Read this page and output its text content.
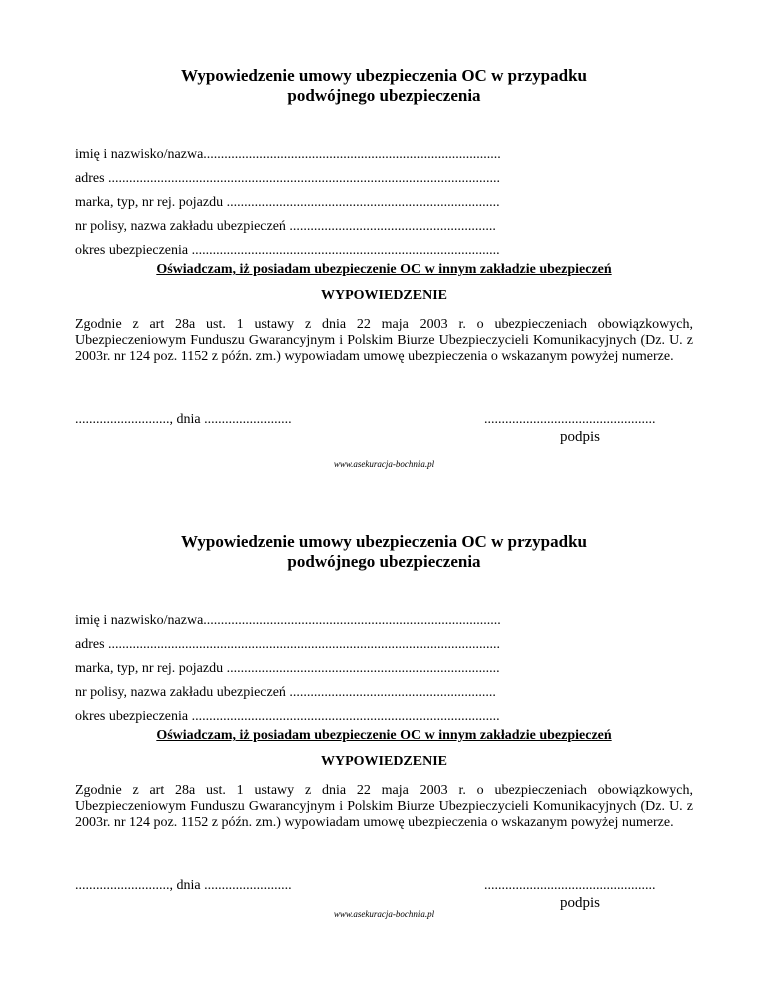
Wypowiedzenie umowy ubezpieczenia OC w przypadku
podwójnego ubezpieczenia
imię i nazwisko/nazwa.....................................................................................
adres ................................................................................................................
marka, typ, nr rej. pojazdu ..............................................................................
nr polisy, nazwa zakładu ubezpieczeń ...........................................................
okres ubezpieczenia ........................................................................................
Oświadczam, iż posiadam ubezpieczenie OC w innym zakładzie ubezpieczeń
WYPOWIEDZENIE
Zgodnie z art 28a ust. 1 ustawy z dnia 22 maja 2003 r. o ubezpieczeniach obowiązkowych, Ubezpieczeniowym Funduszu Gwarancyjnym i Polskim Biurze Ubezpieczycieli Komunikacyjnych (Dz. U. z 2003r. nr 124 poz. 1152 z późn. zm.) wypowiadam umowę ubezpieczenia o wskazanym powyżej numerze.
..........................., dnia .........................	.................................................
podpis
www.asekuracja-bochnia.pl
Wypowiedzenie umowy ubezpieczenia OC w przypadku
podwójnego ubezpieczenia
imię i nazwisko/nazwa.....................................................................................
adres ................................................................................................................
marka, typ, nr rej. pojazdu ..............................................................................
nr polisy, nazwa zakładu ubezpieczeń ...........................................................
okres ubezpieczenia ........................................................................................
Oświadczam, iż posiadam ubezpieczenie OC w innym zakładzie ubezpieczeń
WYPOWIEDZENIE
Zgodnie z art 28a ust. 1 ustawy z dnia 22 maja 2003 r. o ubezpieczeniach obowiązkowych, Ubezpieczeniowym Funduszu Gwarancyjnym i Polskim Biurze Ubezpieczycieli Komunikacyjnych (Dz. U. z 2003r. nr 124 poz. 1152 z późn. zm.) wypowiadam umowę ubezpieczenia o wskazanym powyżej numerze.
..........................., dnia .........................	.................................................
podpis
www.asekuracja-bochnia.pl
